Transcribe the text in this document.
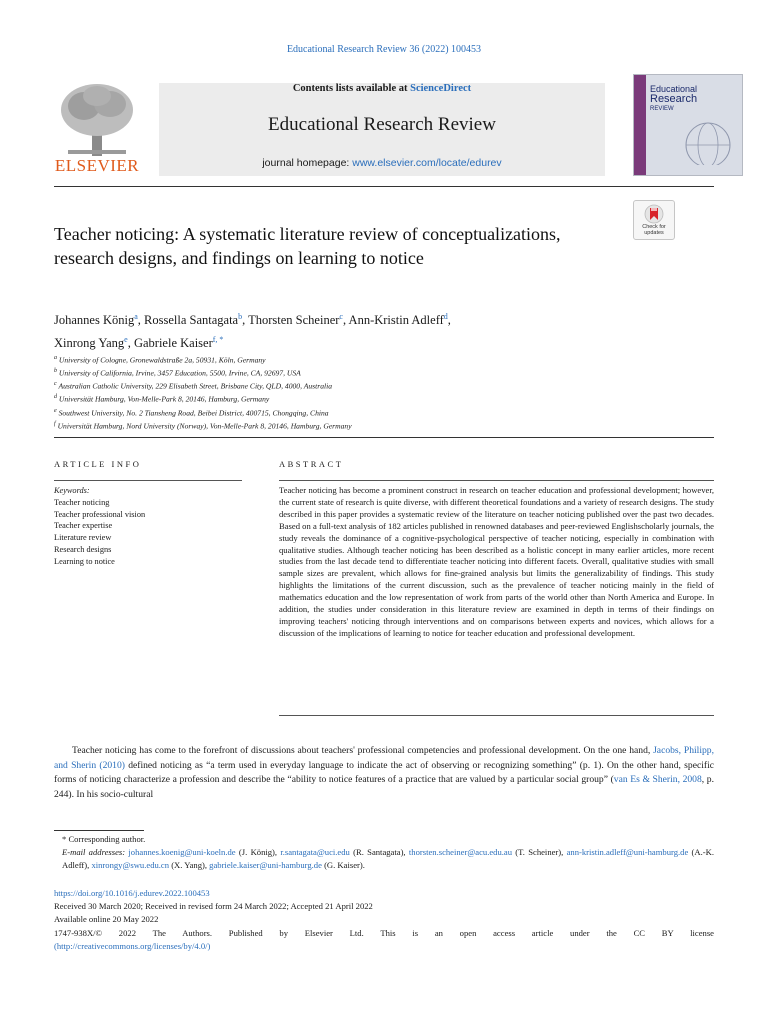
Educational Research Review 36 (2022) 100453
ELSEVIER
Contents lists available at ScienceDirect
Educational Research Review
journal homepage: www.elsevier.com/locate/edurev
Educational
Research
REVIEW
Check for
updates
Teacher noticing: A systematic literature review of conceptualizations, research designs, and findings on learning to notice
Johannes König$^a$, Rossella Santagata$^b$, Thorsten Scheiner$^c$, Ann-Kristin Adleff$^d$,
Xinrong Yang$^e$, Gabriele Kaiser$^{f, *}$
$^a$ University of Cologne, Gronewaldstraße 2a, 50931, Köln, Germany
$^b$ University of California, Irvine, 3457 Education, 5500, Irvine, CA, 92697, USA
$^c$ Australian Catholic University, 229 Elisabeth Street, Brisbane City, QLD, 4000, Australia
$^d$ Universität Hamburg, Von-Melle-Park 8, 20146, Hamburg, Germany
$^e$ Southwest University, No. 2 Tiansheng Road, Beibei District, 400715, Chongqing, China
$^f$ Universität Hamburg, Nord University (Norway), Von-Melle-Park 8, 20146, Hamburg, Germany
ARTICLE INFO	ABSTRACT
Keywords:
Teacher noticing
Teacher professional vision
Teacher expertise
Literature review
Research designs
Learning to notice
Teacher noticing has become a prominent construct in research on teacher education and professional development; however, the current state of research is quite diverse, with different theoretical foundations and a variety of research designs. The study described in this paper provides a systematic review of the literature on teacher noticing published over the past two decades. Based on a full-text analysis of 182 articles published in renowned databases and peer-reviewed Englishscholarly journals, the study reveals the dominance of a cognitive-psychological perspective of teacher noticing, especially in combination with qualitative studies. Although teacher noticing has been described as a holistic concept in many earlier articles, more recent studies from the last decade tend to differentiate teacher noticing into different facets. Overall, qualitative studies with small sample sizes are prevalent, which allows for fine-grained analysis but limits the generalizability of findings. This study highlights the limitations of the current discussion, such as the prevalence of teacher noticing mainly in the field of mathematics education and the low representation of work from parts of the world other than North America and Europe. In addition, the studies under consideration in this literature review are examined in depth in terms of their findings on improving teachers' noticing through interventions and on comparisons between experts and novices, which allows for a discussion of the implications of learning to notice for teacher education and professional development.
Teacher noticing has come to the forefront of discussions about teachers' professional competencies and professional development. On the one hand, Jacobs, Philipp, and Sherin (2010) defined noticing as “a term used in everyday language to indicate the act of observing or recognizing something” (p. 1). On the other hand, specific forms of noticing characterize a profession and describe the “ability to notice features of a practice that are valued by a particular social group” (van Es & Sherin, 2008, p. 244). In his socio-cultural
* Corresponding author.
E-mail addresses: johannes.koenig@uni-koeln.de (J. König), r.santagata@uci.edu (R. Santagata), thorsten.scheiner@acu.edu.au (T. Scheiner), ann-kristin.adleff@uni-hamburg.de (A.-K. Adleff), xinrongy@swu.edu.cn (X. Yang), gabriele.kaiser@uni-hamburg.de (G. Kaiser).
https://doi.org/10.1016/j.edurev.2022.100453
Received 30 March 2020; Received in revised form 24 March 2022; Accepted 21 April 2022
Available online 20 May 2022
1747-938X/© 2022 The Authors. Published by Elsevier Ltd. This is an open access article under the CC BY license
(http://creativecommons.org/licenses/by/4.0/)
